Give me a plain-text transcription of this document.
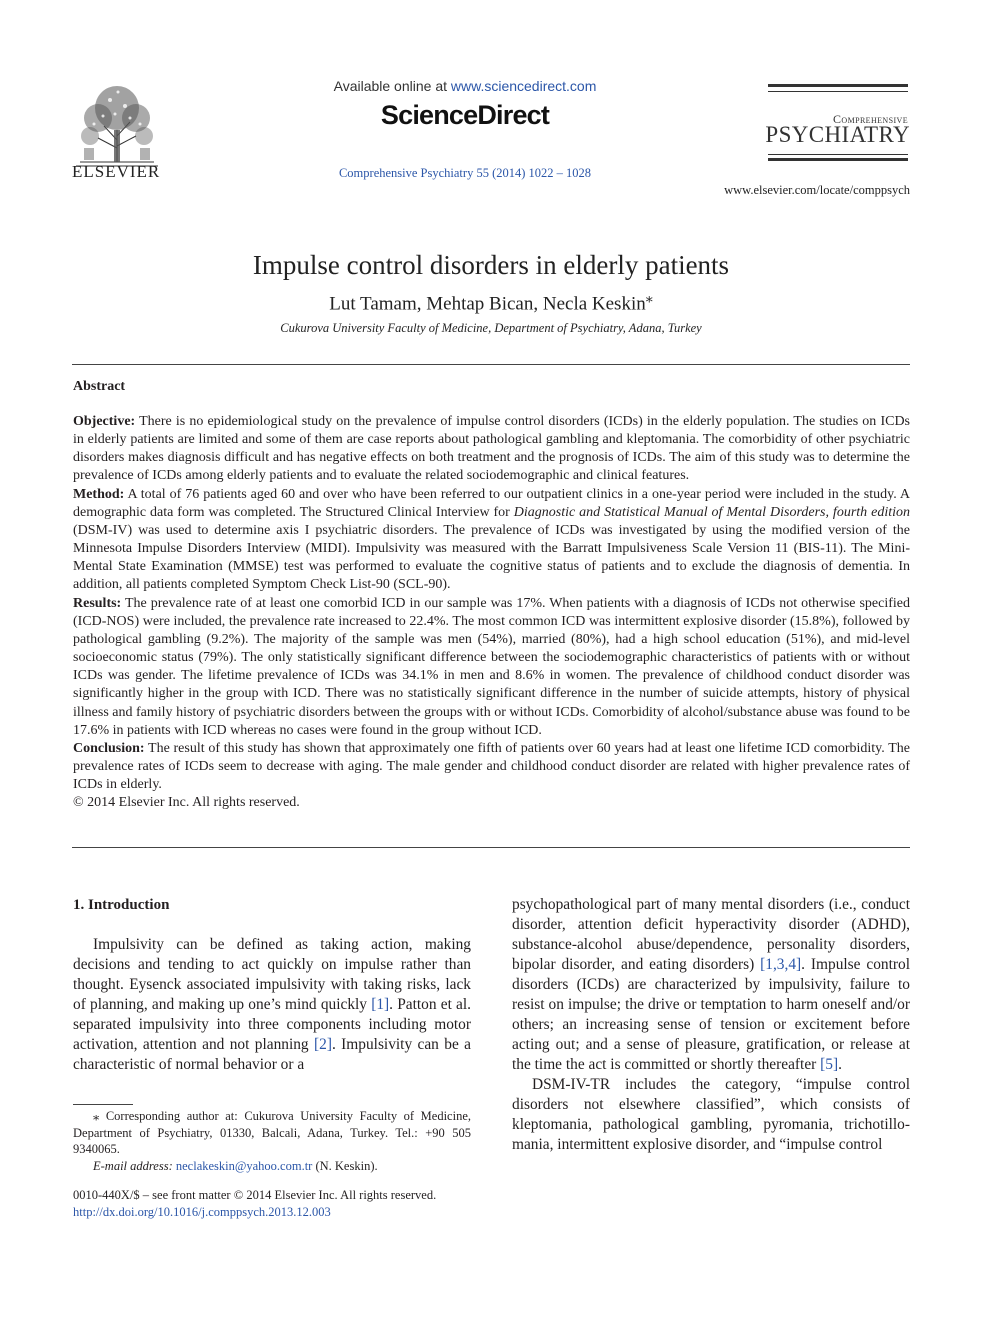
ELSEVIER
Available online at www.sciencedirect.com
ScienceDirect
Comprehensive Psychiatry 55 (2014) 1022 – 1028
Comprehensive
PSYCHIATRY
www.elsevier.com/locate/comppsych
Impulse control disorders in elderly patients
Lut Tamam, Mehtap Bican, Necla Keskin⁎
Cukurova University Faculty of Medicine, Department of Psychiatry, Adana, Turkey
Abstract

Objective: There is no epidemiological study on the prevalence of impulse control disorders (ICDs) in the elderly population. The studies on ICDs in elderly patients are limited and some of them are case reports about pathological gambling and kleptomania. The comorbidity of other psychiatric disorders makes diagnosis difficult and has negative effects on both treatment and the prognosis of ICDs. The aim of this study was to determine the prevalence of ICDs among elderly patients and to evaluate the related sociodemographic and clinical features.

Method: A total of 76 patients aged 60 and over who have been referred to our outpatient clinics in a one-year period were included in the study. A demographic data form was completed. The Structured Clinical Interview for Diagnostic and Statistical Manual of Mental Disorders, fourth edition (DSM-IV) was used to determine axis I psychiatric disorders. The prevalence of ICDs was investigated by using the modified version of the Minnesota Impulse Disorders Interview (MIDI). Impulsivity was measured with the Barratt Impulsiveness Scale Version 11 (BIS-11). The Mini-Mental State Examination (MMSE) test was performed to evaluate the cognitive status of patients and to exclude the diagnosis of dementia. In addition, all patients completed Symptom Check List-90 (SCL-90).

Results: The prevalence rate of at least one comorbid ICD in our sample was 17%. When patients with a diagnosis of ICDs not otherwise specified (ICD-NOS) were included, the prevalence rate increased to 22.4%. The most common ICD was intermittent explosive disorder (15.8%), followed by pathological gambling (9.2%). The majority of the sample was men (54%), married (80%), had a high school education (51%), and mid-level socioeconomic status (79%). The only statistically significant difference between the sociodemographic characteristics of patients with or without ICDs was gender. The lifetime prevalence of ICDs was 34.1% in men and 8.6% in women. The prevalence of childhood conduct disorder was significantly higher in the group with ICD. There was no statistically significant difference in the number of suicide attempts, history of physical illness and family history of psychiatric disorders between the groups with or without ICDs. Comorbidity of alcohol/substance abuse was found to be 17.6% in patients with ICD whereas no cases were found in the group without ICD.

Conclusion: The result of this study has shown that approximately one fifth of patients over 60 years had at least one lifetime ICD comorbidity. The prevalence rates of ICDs seem to decrease with aging. The male gender and childhood conduct disorder are related with higher prevalence rates of ICDs in elderly.

© 2014 Elsevier Inc. All rights reserved.

1. Introduction

Impulsivity can be defined as taking action, making decisions and tending to act quickly on impulse rather than thought. Eysenck associated impulsivity with taking risks, lack of planning, and making up one’s mind quickly [1]. Patton et al. separated impulsivity into three components including motor activation, attention and not planning [2]. Impulsivity can be a characteristic of normal behavior or a

psychopathological part of many mental disorders (i.e., conduct disorder, attention deficit hyperactivity disorder (ADHD), substance-alcohol abuse/dependence, personality disorders, bipolar disorder, and eating disorders) [1,3,4]. Impulse control disorders (ICDs) are characterized by impulsivity, failure to resist on impulse; the drive or temptation to harm oneself and/or others; an increasing sense of tension or excitement before acting out; and a sense of pleasure, gratification, or release at the time the act is committed or shortly thereafter [5].

DSM-IV-TR includes the category, “impulse control disorders not elsewhere classified”, which consists of kleptomania, pathological gambling, pyromania, trichotillo-mania, intermittent explosive disorder, and “impulse control

⁎ Corresponding author at: Cukurova University Faculty of Medicine, Department of Psychiatry, 01330, Balcali, Adana, Turkey. Tel.: +90 505 9340065.

E-mail address: neclakeskin@yahoo.com.tr (N. Keskin).

0010-440X/$ – see front matter © 2014 Elsevier Inc. All rights reserved.

http://dx.doi.org/10.1016/j.comppsych.2013.12.003
